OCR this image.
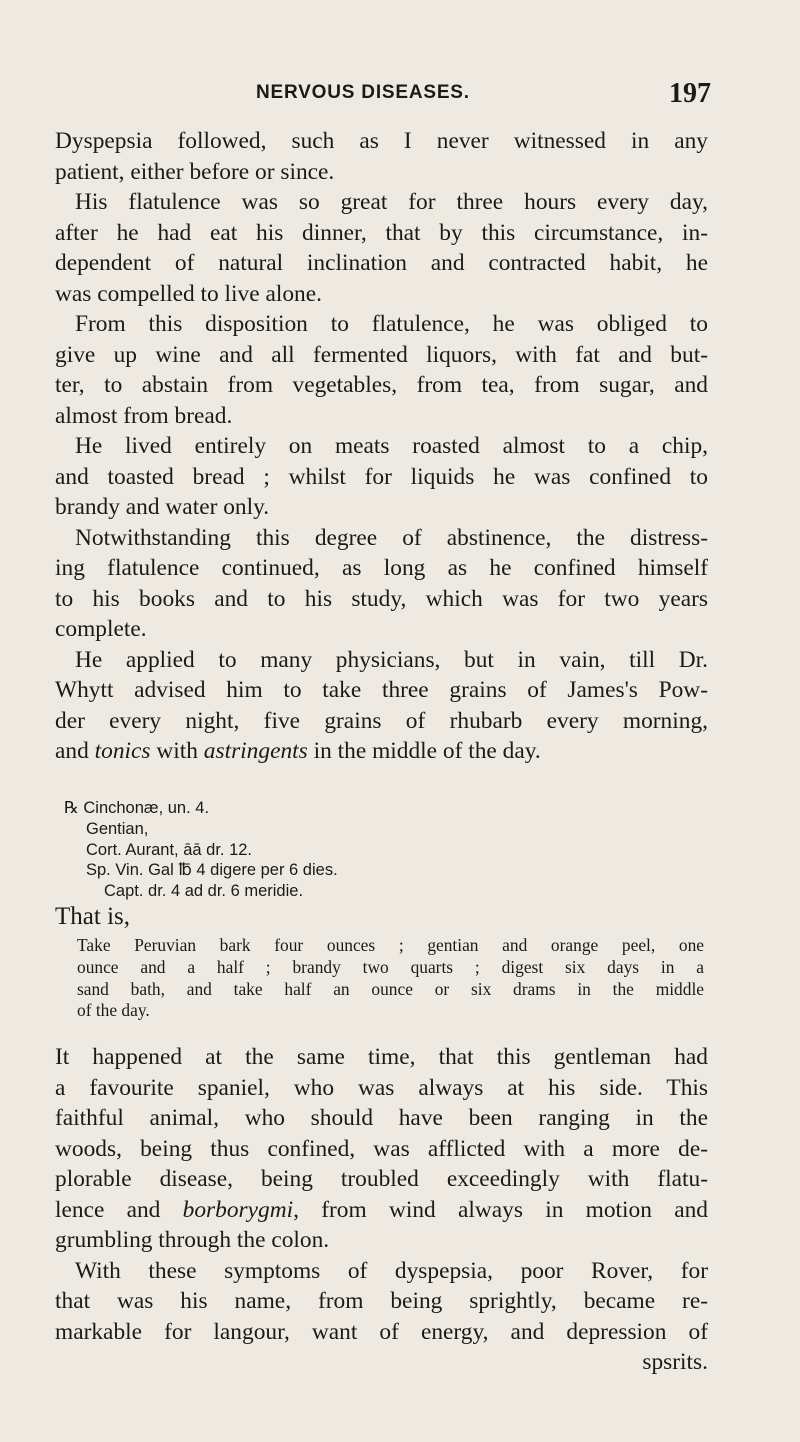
NERVOUS DISEASES.	197
Dyspepsia followed, such as I never witnessed in any
patient, either before or since.
His flatulence was so great for three hours every day,
after he had eat his dinner, that by this circumstance, in-
dependent of natural inclination and contracted habit, he
was compelled to live alone.
From this disposition to flatulence, he was obliged to
give up wine and all fermented liquors, with fat and but-
ter, to abstain from vegetables, from tea, from sugar, and
almost from bread.
He lived entirely on meats roasted almost to a chip,
and toasted bread ; whilst for liquids he was confined to
brandy and water only.
Notwithstanding this degree of abstinence, the distress-
ing flatulence continued, as long as he confined himself
to his books and to his study, which was for two years
complete.
He applied to many physicians, but in vain, till Dr.
Whytt advised him to take three grains of James's Pow-
der every night, five grains of rhubarb every morning,
and tonics with astringents in the middle of the day.
℞ Cinchonæ, un. 4.
Gentian,
Cort. Aurant, āā dr. 12.
Sp. Vin. Gal ℔ 4 digere per 6 dies.
Capt. dr. 4 ad dr. 6 meridie.
That is,
Take Peruvian bark four ounces ; gentian and orange peel, one
ounce and a half ; brandy two quarts ; digest six days in a
sand bath, and take half an ounce or six drams in the middle
of the day.
It happened at the same time, that this gentleman had
a favourite spaniel, who was always at his side. This
faithful animal, who should have been ranging in the
woods, being thus confined, was afflicted with a more de-
plorable disease, being troubled exceedingly with flatu-
lence and borborygmi, from wind always in motion and
grumbling through the colon.
With these symptoms of dyspepsia, poor Rover, for
that was his name, from being sprightly, became re-
markable for langour, want of energy, and depression of
spsrits.
